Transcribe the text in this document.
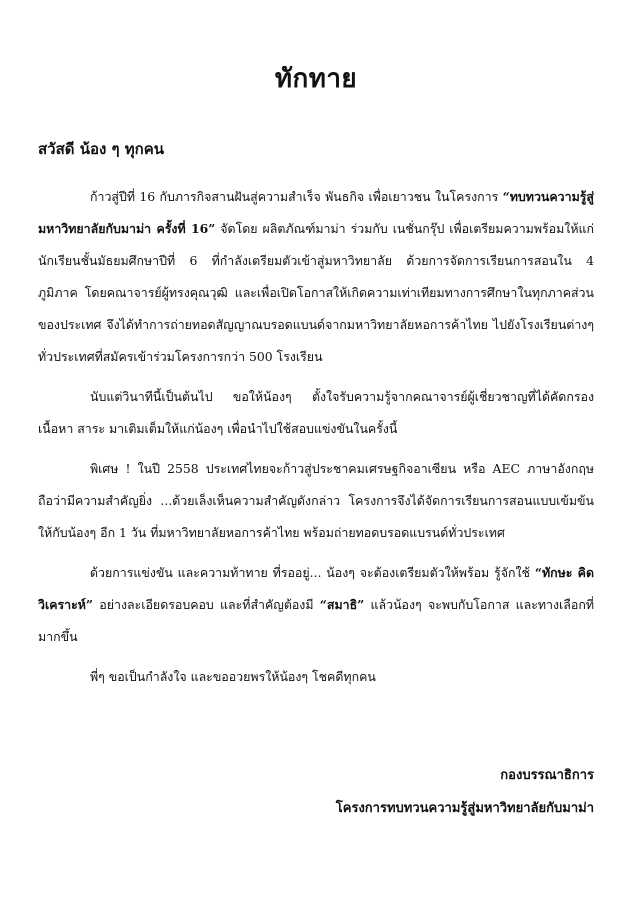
ทักทาย

สวัสดี น้อง ๆ ทุกคน

ก้าวสู่ปีที่ 16 กับภารกิจสานฝันสู่ความสำเร็จ พันธกิจ เพื่อเยาวชน ในโครงการ “ทบทวนความรู้สู่มหาวิทยาลัยกับมาม่า ครั้งที่ 16” จัดโดย ผลิตภัณฑ์มาม่า ร่วมกับ เนชั่นกรุ๊ป เพื่อเตรียมความพร้อมให้แก่นักเรียนชั้นมัธยมศึกษาปีที่ 6 ที่กำลังเตรียมตัวเข้าสู่มหาวิทยาลัย ด้วยการจัดการเรียนการสอนใน 4 ภูมิภาค โดยคณาจารย์ผู้ทรงคุณวุฒิ และเพื่อเปิดโอกาสให้เกิดความเท่าเทียมทางการศึกษาในทุกภาคส่วนของประเทศ จึงได้ทำการถ่ายทอดสัญญาณบรอดแบนด์จากมหาวิทยาลัยหอการค้าไทย ไปยังโรงเรียนต่างๆ ทั่วประเทศที่สมัครเข้าร่วมโครงการกว่า 500 โรงเรียน

นับแต่วินาทีนี้เป็นต้นไป ขอให้น้องๆ ตั้งใจรับความรู้จากคณาจารย์ผู้เชี่ยวชาญที่ได้คัดกรองเนื้อหา สาระ มาเติมเต็มให้แก่น้องๆ เพื่อนำไปใช้สอบแข่งขันในครั้งนี้

พิเศษ ! ในปี 2558 ประเทศไทยจะก้าวสู่ประชาคมเศรษฐกิจอาเซียน หรือ AEC ภาษาอังกฤษถือว่ามีความสำคัญยิ่ง ...ด้วยเล็งเห็นความสำคัญดังกล่าว โครงการจึงได้จัดการเรียนการสอนแบบเข้มข้นให้กับน้องๆ อีก 1 วัน ที่มหาวิทยาลัยหอการค้าไทย พร้อมถ่ายทอดบรอดแบรนด์ทั่วประเทศ

ด้วยการแข่งขัน และความท้าทาย ที่รออยู่... น้องๆ จะต้องเตรียมตัวให้พร้อม รู้จักใช้ “ทักษะ คิดวิเคราะห์” อย่างละเอียดรอบคอบ และที่สำคัญต้องมี “สมาธิ” แล้วน้องๆ จะพบกับโอกาส และทางเลือกที่มากขึ้น

พี่ๆ ขอเป็นกำลังใจ และขออวยพรให้น้องๆ โชคดีทุกคน

กองบรรณาธิการ
โครงการทบทวนความรู้สู่มหาวิทยาลัยกับมาม่า
